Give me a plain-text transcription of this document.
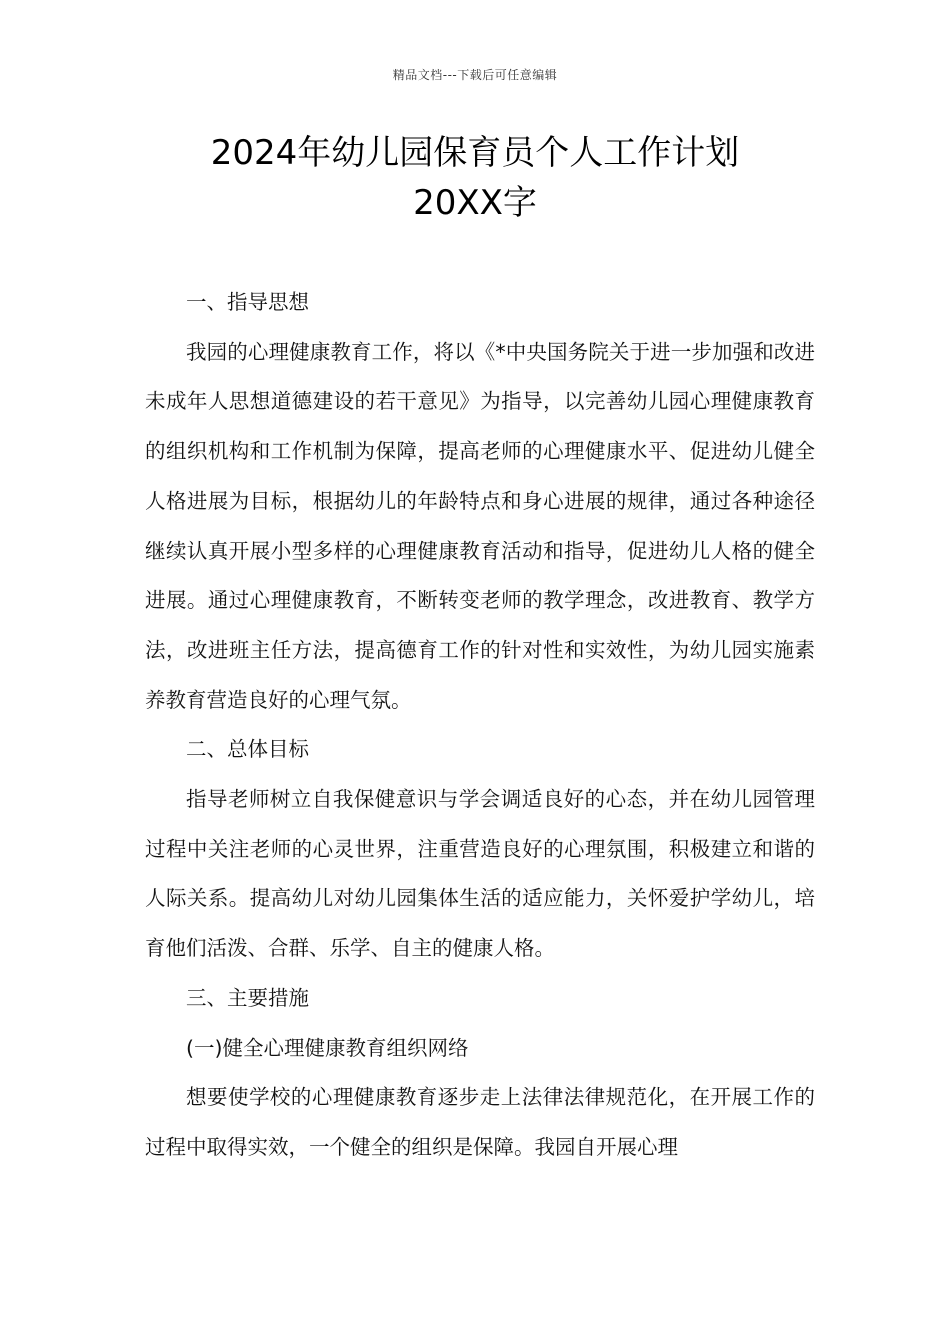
精品文档---下载后可任意编辑
2024年幼儿园保育员个人工作计划
20XX字

一、指导思想

我园的心理健康教育工作，将以《*中央国务院关于进一步加强和改进未成年人思想道德建设的若干意见》为指导，以完善幼儿园心理健康教育的组织机构和工作机制为保障，提高老师的心理健康水平、促进幼儿健全人格进展为目标，根据幼儿的年龄特点和身心进展的规律，通过各种途径继续认真开展小型多样的心理健康教育活动和指导，促进幼儿人格的健全进展。通过心理健康教育，不断转变老师的教学理念，改进教育、教学方法，改进班主任方法，提高德育工作的针对性和实效性，为幼儿园实施素养教育营造良好的心理气氛。

二、总体目标

指导老师树立自我保健意识与学会调适良好的心态，并在幼儿园管理过程中关注老师的心灵世界，注重营造良好的心理氛围，积极建立和谐的人际关系。提高幼儿对幼儿园集体生活的适应能力，关怀爱护学幼儿，培育他们活泼、合群、乐学、自主的健康人格。

三、主要措施

(一)健全心理健康教育组织网络

想要使学校的心理健康教育逐步走上法律法律规范化，在开展工作的过程中取得实效，一个健全的组织是保障。我园自开展心理
